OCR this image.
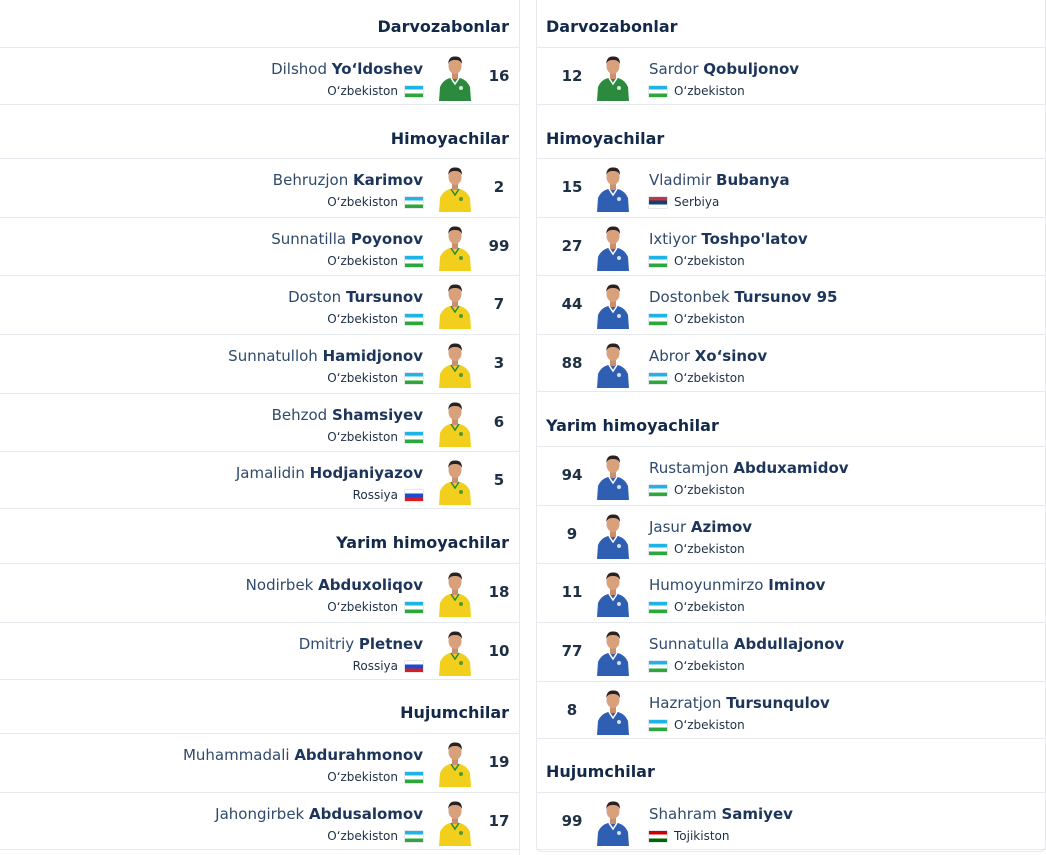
Darvozabonlar
Dilshod Yo‘ldoshev
O‘zbekiston
16
Himoyachilar
Behruzjon Karimov
O‘zbekiston
2
Sunnatilla Poyonov
O‘zbekiston
99
Doston Tursunov
O‘zbekiston
7
Sunnatulloh Hamidjonov
O‘zbekiston
3
Behzod Shamsiyev
O‘zbekiston
6
Jamalidin Hodjaniyazov
Rossiya
5
Yarim himoyachilar
Nodirbek Abduxoliqov
O‘zbekiston
18
Dmitriy Pletnev
Rossiya
10
Hujumchilar
Muhammadali Abdurahmonov
O‘zbekiston
19
Jahongirbek Abdusalomov
O‘zbekiston
17
Darvozabonlar
Sardor Qobuljonov
O‘zbekiston
12
Himoyachilar
Vladimir Bubanya
Serbiya
15
Ixtiyor Toshpo'latov
O‘zbekiston
27
Dostonbek Tursunov 95
O‘zbekiston
44
Abror Xo‘sinov
O‘zbekiston
88
Yarim himoyachilar
Rustamjon Abduxamidov
O‘zbekiston
94
Jasur Azimov
O‘zbekiston
9
Humoyunmirzo Iminov
O‘zbekiston
11
Sunnatulla Abdullajonov
O‘zbekiston
77
Hazratjon Tursunqulov
O‘zbekiston
8
Hujumchilar
Shahram Samiyev
Tojikiston
99
